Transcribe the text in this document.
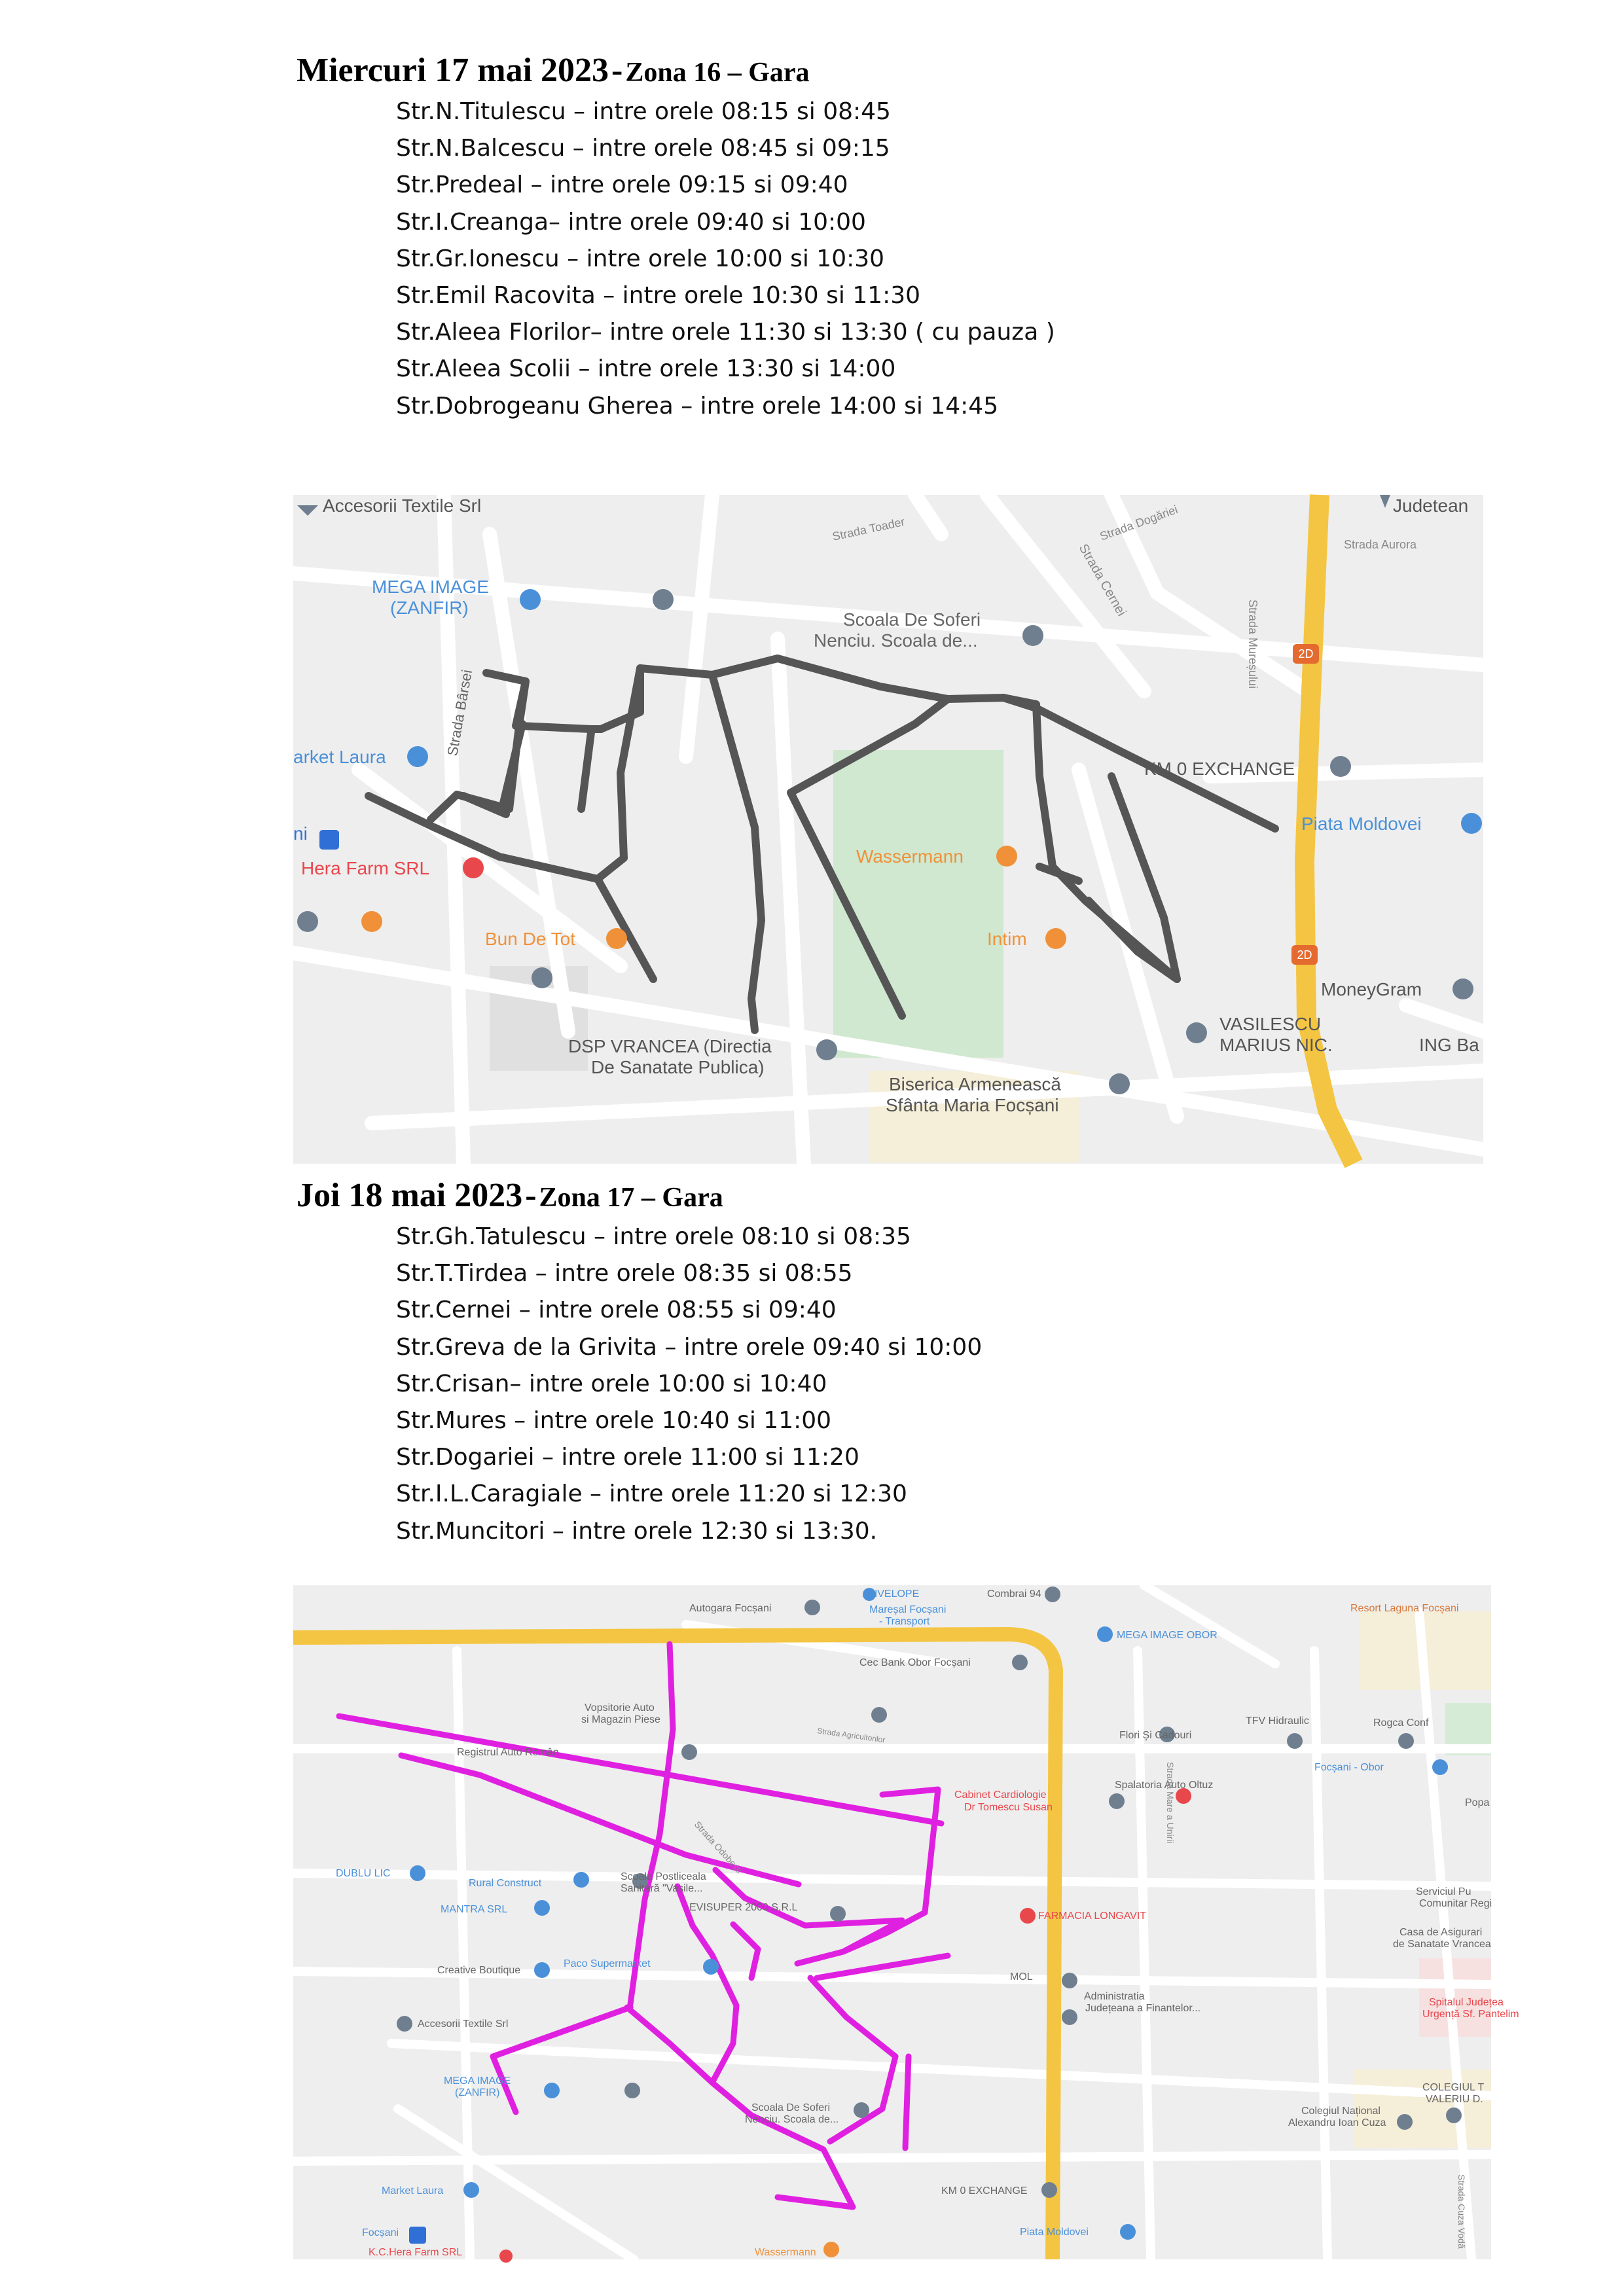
Miercuri 17 mai 2023 - Zona 16 – Gara
Str.N.Titulescu – intre orele 08:15 si 08:45
Str.N.Balcescu – intre orele 08:45 si 09:15
Str.Predeal – intre orele 09:15 si 09:40
Str.I.Creanga– intre orele 09:40 si 10:00
Str.Gr.Ionescu – intre orele 10:00 si 10:30
Str.Emil Racovita – intre orele 10:30 si 11:30
Str.Aleea Florilor– intre orele 11:30 si 13:30 ( cu pauza )
Str.Aleea Scolii – intre orele 13:30 si 14:00
Str.Dobrogeanu Gherea – intre orele 14:00 si 14:45
2D
2D
Accesorii Textile Srl	Judetean
Strada Aurora
Strada Toader	Strada Dogăriei
Strada Cernei
Strada Mureșului
MEGA IMAGE
(ZANFIR)
Scoala De Soferi
Nenciu. Scoala de...
Strada Bârsei
arket Laura
KM 0 EXCHANGE
Piata Moldovei
ni
Hera Farm SRL
Wassermann
Intim
Bun De Tot
MoneyGram
VASILESCU
MARIUS NIC.	ING Ba
DSP VRANCEA (Directia
De Sanatate Publica)
Biserica Armenească
Sfânta Maria Focșani
Joi 18 mai 2023 - Zona 17 – Gara
Str.Gh.Tatulescu – intre orele 08:10 si 08:35
Str.T.Tirdea – intre orele 08:35 si 08:55
Str.Cernei – intre orele 08:55 si 09:40
Str.Greva de la Grivita – intre orele 09:40 si 10:00
Str.Crisan– intre orele 10:00 si 10:40
Str.Mures – intre orele 10:40 si 11:00
Str.Dogariei – intre orele 11:00 si 11:20
Str.I.L.Caragiale – intre orele 11:20 si 12:30
Str.Muncitori – intre orele 12:30 si 13:30.
Autogara Focșani
ANVELOPE	Combrai 94
Mareșal Focșani
- Transport
MEGA IMAGE OBOR
Resort Laguna Focșani
Cec Bank Obor Focșani
Vopsitorie Auto
si Magazin Piese
Registrul Auto Român
TFV Hidraulic	Rogca Conf
Flori Și Cadouri
Focșani - Obor
Spalatoria Auto Oltuz
Cabinet Cardiologie
Dr Tomescu Susan	Popa
DUBLU LIC
Rural Construct
Scoala Postliceala
Sanitară "Vasile...	Serviciul Pu
Comunitar Regi
MANTRA SRL	EVISUPER 2000 S.R.L
FARMACIA LONGAVIT
Casa de Asigurari
de Sanatate Vrancea
Creative Boutique
Paco Supermarket
MOL
Administratia
Județeana a Finantelor...
Spitalul Județea
Urgență Sf. Pantelim
Accesorii Textile Srl
MEGA IMAGE
(ZANFIR)
Scoala De Soferi
Nenciu. Scoala de...
COLEGIUL T
VALERIU D.
Colegiul Național
Alexandru Ioan Cuza
Market Laura	KM 0 EXCHANGE
Focșani	Piata Moldovei
K.C.Hera Farm SRL	Wassermann
Strada Agricultorilor
Strada Odobești
Strada Mare a Unirii
Strada Cuza Vodă
